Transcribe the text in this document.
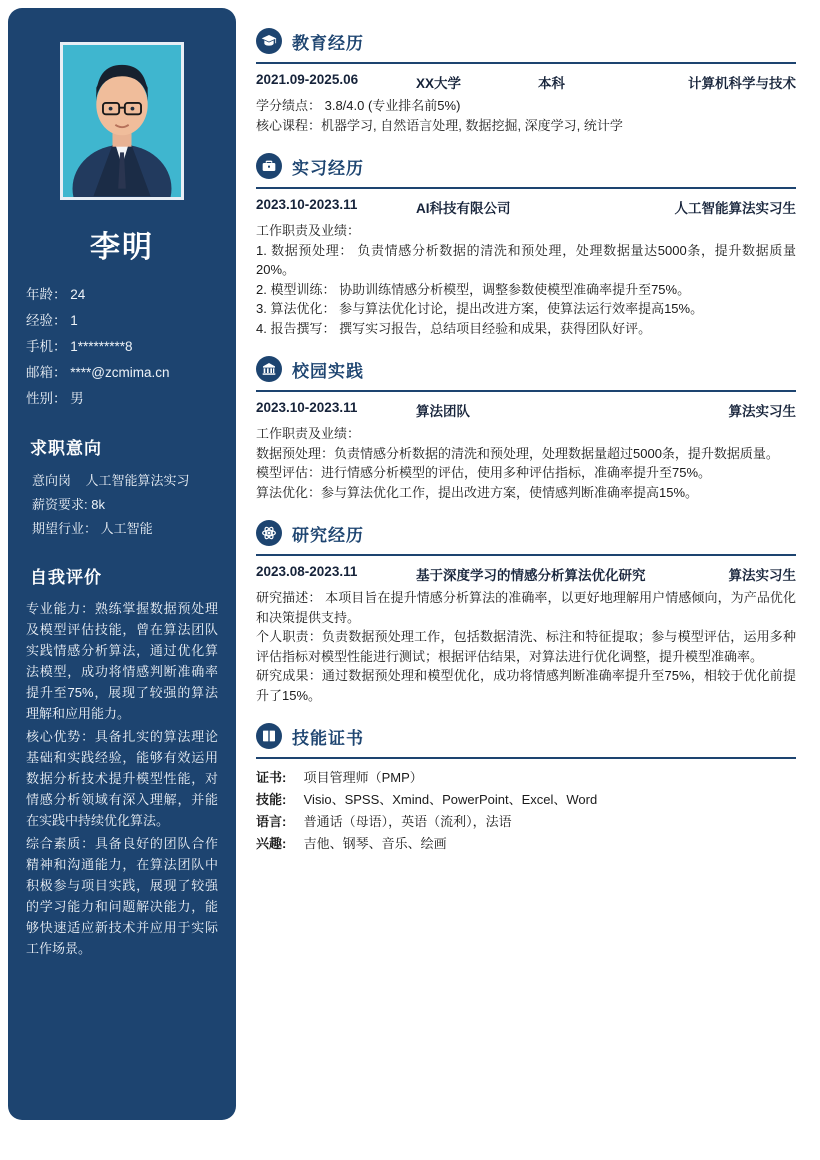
李明
年龄： 24
经验： 1
手机： 1*********8
邮箱： ****@zcmima.cn
性别： 男
求职意向
意向岗 人工智能算法实习
薪资要求: 8k
期望行业： 人工智能
自我评价

专业能力：熟练掌握数据预处理及模型评估技能，曾在算法团队实践情感分析算法，通过优化算法模型，成功将情感判断准确率提升至75%，展现了较强的算法理解和应用能力。

核心优势：具备扎实的算法理论基础和实践经验，能够有效运用数据分析技术提升模型性能，对情感分析领域有深入理解，并能在实践中持续优化算法。

综合素质：具备良好的团队合作精神和沟通能力，在算法团队中积极参与项目实践，展现了较强的学习能力和问题解决能力，能够快速适应新技术并应用于实际工作场景。

教育经历
2021.09-2025.06	XX大学	本科	计算机科学与技术

学分绩点： 3.8/4.0 (专业排名前5%)

核心课程：机器学习, 自然语言处理, 数据挖掘, 深度学习, 统计学

实习经历
2023.10-2023.11	AI科技有限公司	人工智能算法实习生

工作职责及业绩：

1. 数据预处理： 负责情感分析数据的清洗和预处理，处理数据量达5000条，提升数据质量20%。

2. 模型训练： 协助训练情感分析模型，调整参数使模型准确率提升至75%。

3. 算法优化： 参与算法优化讨论，提出改进方案，使算法运行效率提高15%。

4. 报告撰写： 撰写实习报告，总结项目经验和成果，获得团队好评。

校园实践
2023.10-2023.11	算法团队	算法实习生

工作职责及业绩：

数据预处理：负责情感分析数据的清洗和预处理，处理数据量超过5000条，提升数据质量。

模型评估：进行情感分析模型的评估，使用多种评估指标，准确率提升至75%。

算法优化：参与算法优化工作，提出改进方案，使情感判断准确率提高15%。

研究经历
2023.08-2023.11	基于深度学习的情感分析算法优化研究	算法实习生

研究描述： 本项目旨在提升情感分析算法的准确率，以更好地理解用户情感倾向，为产品优化和决策提供支持。

个人职责：负责数据预处理工作，包括数据清洗、标注和特征提取；参与模型评估，运用多种评估指标对模型性能进行测试；根据评估结果，对算法进行优化调整，提升模型准确率。

研究成果：通过数据预处理和模型优化，成功将情感判断准确率提升至75%，相较于优化前提升了15%。

技能证书
证书: 项目管理师（PMP）
技能: Visio、SPSS、Xmind、PowerPoint、Excel、Word
语言: 普通话（母语），英语（流利），法语
兴趣: 吉他、钢琴、音乐、绘画
